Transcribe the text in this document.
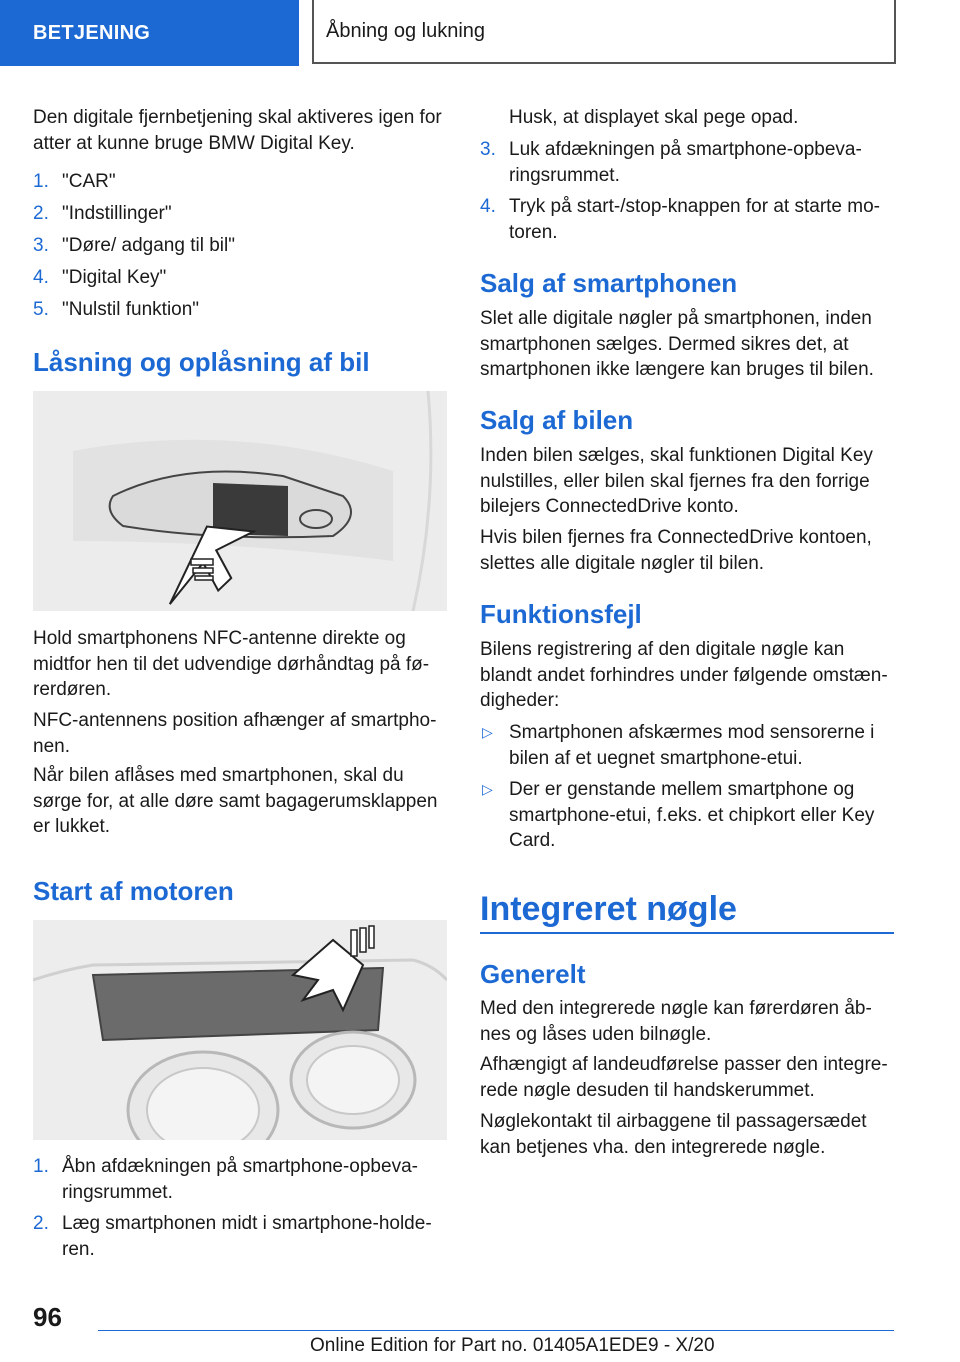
BETJENING	Åbning og lukning

Den digitale fjernbetjening skal aktiveres igen for atter at kunne bruge BMW Digital Key.

1. "CAR"
2. "Indstillinger"
3. "Døre/ adgang til bil"
4. "Digital Key"
5. "Nulstil funktion"
Låsning og oplåsning af bil

Hold smartphonens NFC-antenne direkte og midtfor hen til det udvendige dørhåndtag på førerdøren.

NFC-antennens position afhænger af smartphonen.

Når bilen aflåses med smartphonen, skal du sørge for, at alle døre samt bagagerumsklappen er lukket.

Start af motoren
1. Åbn afdækningen på smartphone-opbevaringsrummet.

2. Læg smartphonen midt i smartphone-holderen.

Husk, at displayet skal pege opad.

3. Luk afdækningen på smartphone-opbevaringsrummet.

4. Tryk på start-/stop-knappen for at starte motoren.

Salg af smartphonen

Slet alle digitale nøgler på smartphonen, inden smartphonen sælges. Dermed sikres det, at smartphonen ikke længere kan bruges til bilen.

Salg af bilen

Inden bilen sælges, skal funktionen Digital Key nulstilles, eller bilen skal fjernes fra den forrige bilejers ConnectedDrive konto.

Hvis bilen fjernes fra ConnectedDrive kontoen, slettes alle digitale nøgler til bilen.

Funktionsfejl

Bilens registrering af den digitale nøgle kan blandt andet forhindres under følgende omstændigheder:

▷ Smartphonen afskærmes mod sensorerne i bilen af et uegnet smartphone-etui.

▷ Der er genstande mellem smartphone og smartphone-etui, f.eks. et chipkort eller Key Card.

Integreret nøgle
Generelt

Med den integrerede nøgle kan førerdøren åbnes og låses uden bilnøgle.

Afhængigt af landeudførelse passer den integrerede nøgle desuden til handskerummet.

Nøglekontakt til airbaggene til passagersædet kan betjenes vha. den integrerede nøgle.

96
Online Edition for Part no. 01405A1EDE9 - X/20
